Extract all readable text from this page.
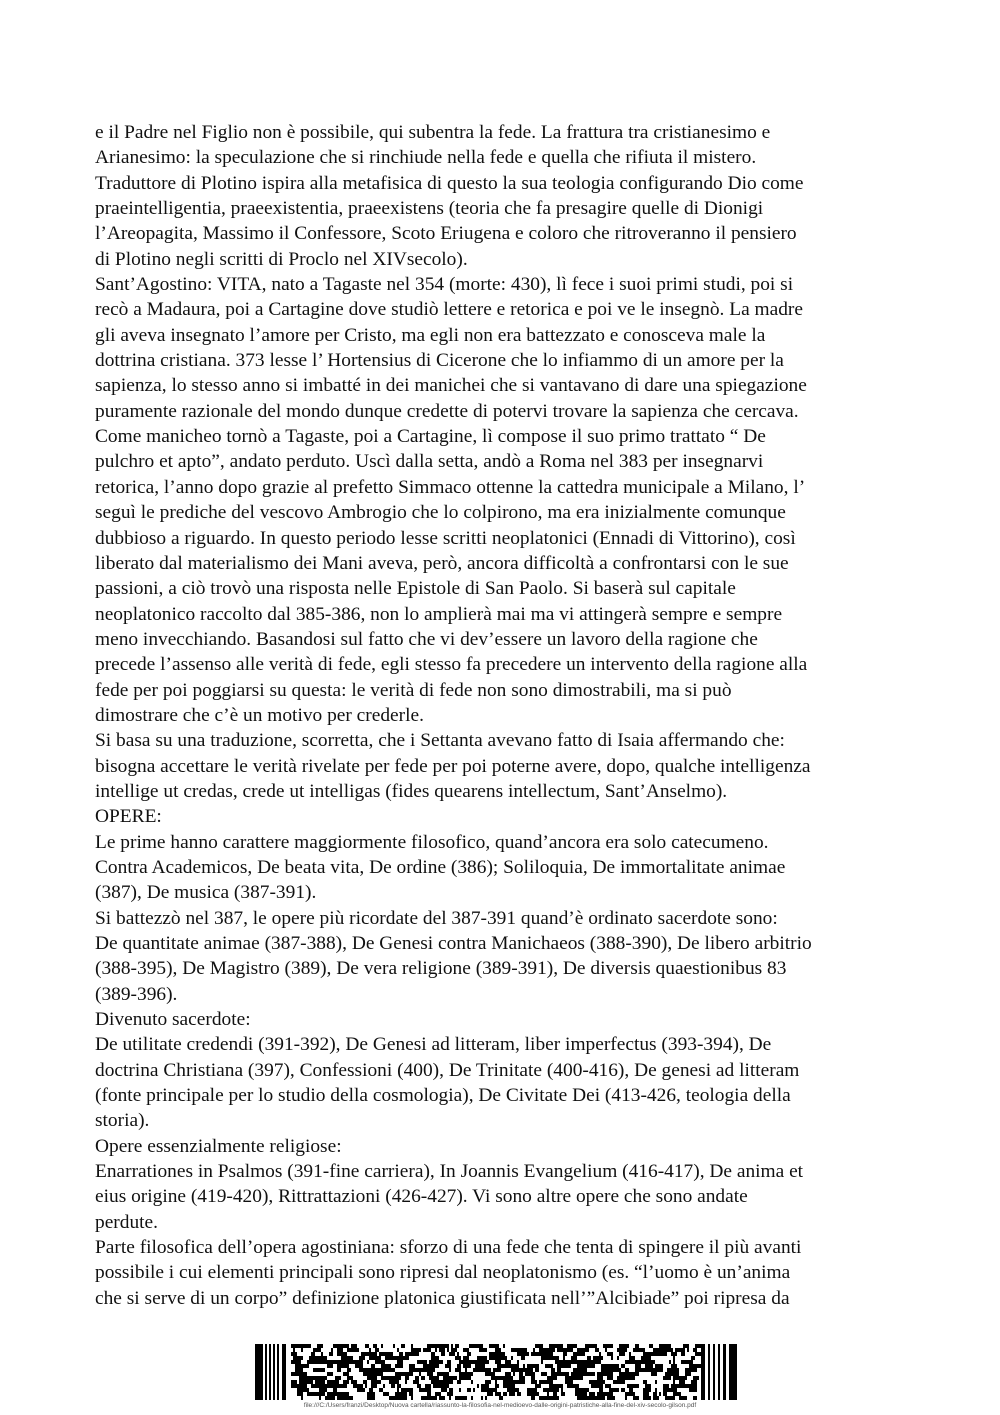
e il Padre nel Figlio non è possibile, qui subentra la fede. La frattura tra cristianesimo e
Arianesimo: la speculazione che si rinchiude nella fede e quella che rifiuta il mistero.
Traduttore di Plotino ispira alla metafisica di questo la sua teologia configurando Dio come
praeintelligentia, praeexistentia, praeexistens (teoria che fa presagire quelle di Dionigi
l’Areopagita, Massimo il Confessore, Scoto Eriugena e coloro che ritroveranno il pensiero
di Plotino negli scritti di Proclo nel XIVsecolo).
Sant’Agostino: VITA, nato a Tagaste nel 354 (morte: 430), lì fece i suoi primi studi, poi si
recò a Madaura, poi a Cartagine dove studiò lettere e retorica e poi ve le insegnò. La madre
gli aveva insegnato l’amore per Cristo, ma egli non era battezzato e conosceva male la
dottrina cristiana. 373 lesse l’ Hortensius di Cicerone che lo infiammo di un amore per la
sapienza, lo stesso anno si imbatté in dei manichei che si vantavano di dare una spiegazione
puramente razionale del mondo dunque credette di potervi trovare la sapienza che cercava.
Come manicheo tornò a Tagaste, poi a Cartagine, lì compose il suo primo trattato “ De
pulchro et apto”, andato perduto. Uscì dalla setta, andò a Roma nel 383 per insegnarvi
retorica, l’anno dopo grazie al prefetto Simmaco ottenne la cattedra municipale a Milano, l’
seguì le prediche del vescovo Ambrogio che lo colpirono, ma era inizialmente comunque
dubbioso a riguardo. In questo periodo lesse scritti neoplatonici (Ennadi di Vittorino), così
liberato dal materialismo dei Mani aveva, però, ancora difficoltà a confrontarsi con le sue
passioni, a ciò trovò una risposta nelle Epistole di San Paolo. Si baserà sul capitale
neoplatonico raccolto dal 385-386, non lo amplierà mai ma vi attingerà sempre e sempre
meno invecchiando. Basandosi sul fatto che vi dev’essere un lavoro della ragione che
precede l’assenso alle verità di fede, egli stesso fa precedere un intervento della ragione alla
fede per poi poggiarsi su questa: le verità di fede non sono dimostrabili, ma si può
dimostrare che c’è un motivo per crederle.
Si basa su una traduzione, scorretta, che i Settanta avevano fatto di Isaia affermando che:
bisogna accettare le verità rivelate per fede per poi poterne avere, dopo, qualche intelligenza
intellige ut credas, crede ut intelligas (fides quearens intellectum, Sant’Anselmo).
OPERE:
Le prime hanno carattere maggiormente filosofico, quand’ancora era solo catecumeno.
Contra Academicos, De beata vita, De ordine (386); Soliloquia, De immortalitate animae
(387), De musica (387-391).
Si battezzò nel 387, le opere più ricordate del 387-391 quand’è ordinato sacerdote sono:
De quantitate animae (387-388), De Genesi contra Manichaeos (388-390), De libero arbitrio
(388-395), De Magistro (389), De vera religione (389-391), De diversis quaestionibus 83
(389-396).
Divenuto sacerdote:
De utilitate credendi (391-392), De Genesi ad litteram, liber imperfectus (393-394), De
doctrina Christiana (397), Confessioni (400), De Trinitate (400-416), De genesi ad litteram
(fonte principale per lo studio della cosmologia), De Civitate Dei (413-426, teologia della
storia).
Opere essenzialmente religiose:
Enarrationes in Psalmos (391-fine carriera), In Joannis Evangelium (416-417), De anima et
eius origine (419-420), Rittrattazioni (426-427). Vi sono altre opere che sono andate
perdute.
Parte filosofica dell’opera agostiniana: sforzo di una fede che tenta di spingere il più avanti
possibile i cui elementi principali sono ripresi dal neoplatonismo (es. “l’uomo è un’anima
che si serve di un corpo” definizione platonica giustificata nell’”Alcibiade” poi ripresa da
file:///C:/Users/franzi/Desktop/Nuova cartella/riassunto-la-filosofia-nel-medioevo-dalle-origini-patristiche-alla-fine-del-xiv-secolo-gilson.pdf
